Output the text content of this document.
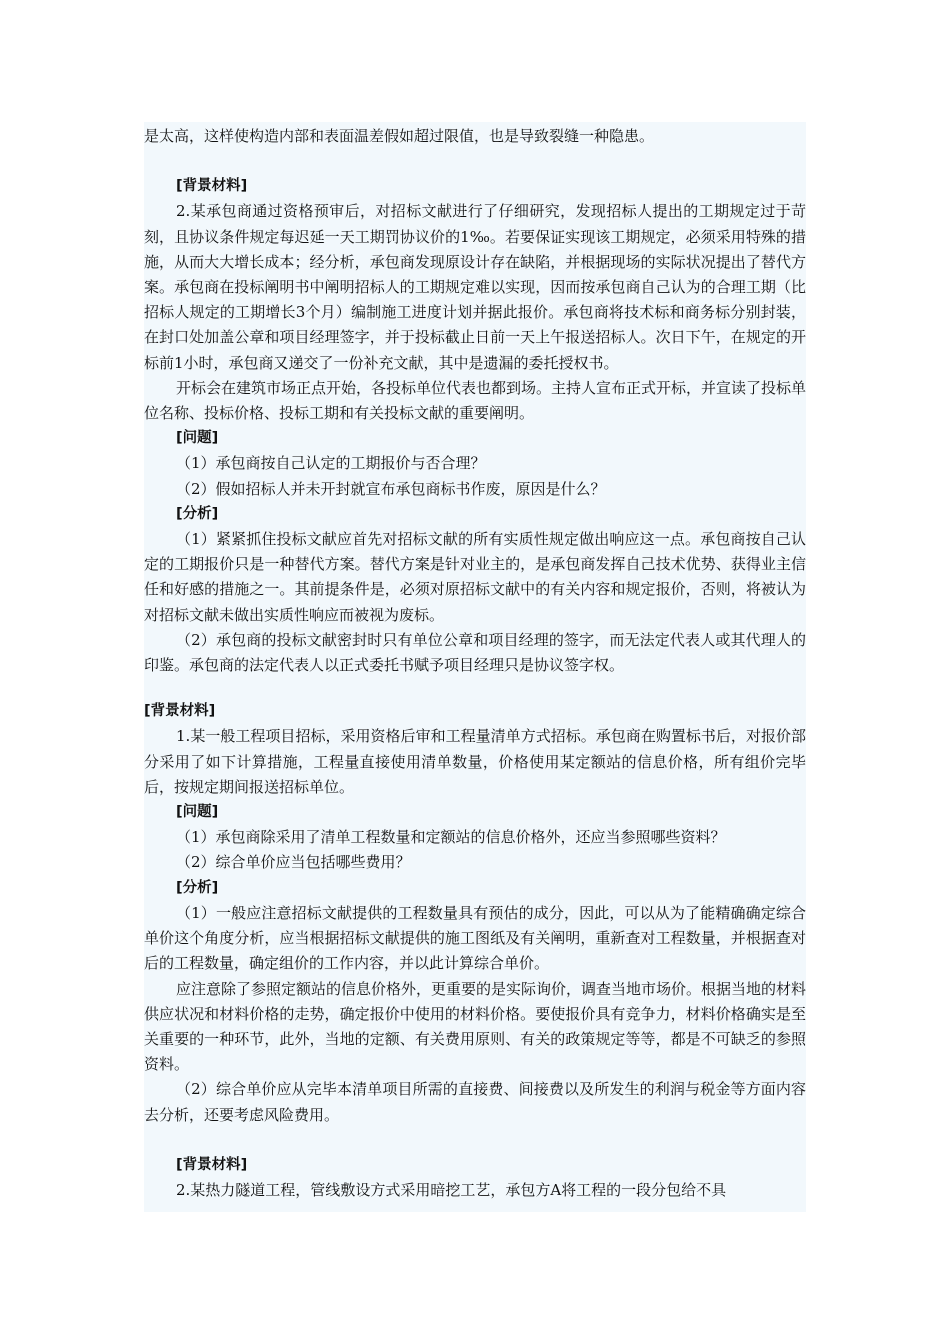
是太高，这样使构造内部和表面温差假如超过限值，也是导致裂缝一种隐患。

[背景材料]

2.某承包商通过资格预审后，对招标文献进行了仔细研究，发现招标人提出的工期规定过于苛刻，且协议条件规定每迟延一天工期罚协议价的1‰。若要保证实现该工期规定，必须采用特殊的措施，从而大大增长成本；经分析，承包商发现原设计存在缺陷，并根据现场的实际状况提出了替代方案。承包商在投标阐明书中阐明招标人的工期规定难以实现，因而按承包商自己认为的合理工期（比招标人规定的工期增长3个月）编制施工进度计划并据此报价。承包商将技术标和商务标分别封装，在封口处加盖公章和项目经理签字，并于投标截止日前一天上午报送招标人。次日下午，在规定的开标前1小时，承包商又递交了一份补充文献，其中是遗漏的委托授权书。

开标会在建筑市场正点开始，各投标单位代表也都到场。主持人宣布正式开标，并宣读了投标单位名称、投标价格、投标工期和有关投标文献的重要阐明。

[问题]

（1）承包商按自己认定的工期报价与否合理？

（2）假如招标人并未开封就宣布承包商标书作废，原因是什么？

[分析]

（1）紧紧抓住投标文献应首先对招标文献的所有实质性规定做出响应这一点。承包商按自己认定的工期报价只是一种替代方案。替代方案是针对业主的，是承包商发挥自己技术优势、获得业主信任和好感的措施之一。其前提条件是，必须对原招标文献中的有关内容和规定报价，否则，将被认为对招标文献未做出实质性响应而被视为废标。

（2）承包商的投标文献密封时只有单位公章和项目经理的签字，而无法定代表人或其代理人的印鉴。承包商的法定代表人以正式委托书赋予项目经理只是协议签字权。

[背景材料]

1.某一般工程项目招标，采用资格后审和工程量清单方式招标。承包商在购置标书后，对报价部分采用了如下计算措施，工程量直接使用清单数量，价格使用某定额站的信息价格，所有组价完毕后，按规定期间报送招标单位。

[问题]

（1）承包商除采用了清单工程数量和定额站的信息价格外，还应当参照哪些资料？

（2）综合单价应当包括哪些费用？

[分析]

（1）一般应注意招标文献提供的工程数量具有预估的成分，因此，可以从为了能精确确定综合单价这个角度分析，应当根据招标文献提供的施工图纸及有关阐明，重新查对工程数量，并根据查对后的工程数量，确定组价的工作内容，并以此计算综合单价。

应注意除了参照定额站的信息价格外，更重要的是实际询价，调查当地市场价。根据当地的材料供应状况和材料价格的走势，确定报价中使用的材料价格。要使报价具有竞争力，材料价格确实是至关重要的一种环节，此外，当地的定额、有关费用原则、有关的政策规定等等，都是不可缺乏的参照资料。

（2）综合单价应从完毕本清单项目所需的直接费、间接费以及所发生的利润与税金等方面内容去分析，还要考虑风险费用。

[背景材料]

2.某热力隧道工程，管线敷设方式采用暗挖工艺，承包方A将工程的一段分包给不具
